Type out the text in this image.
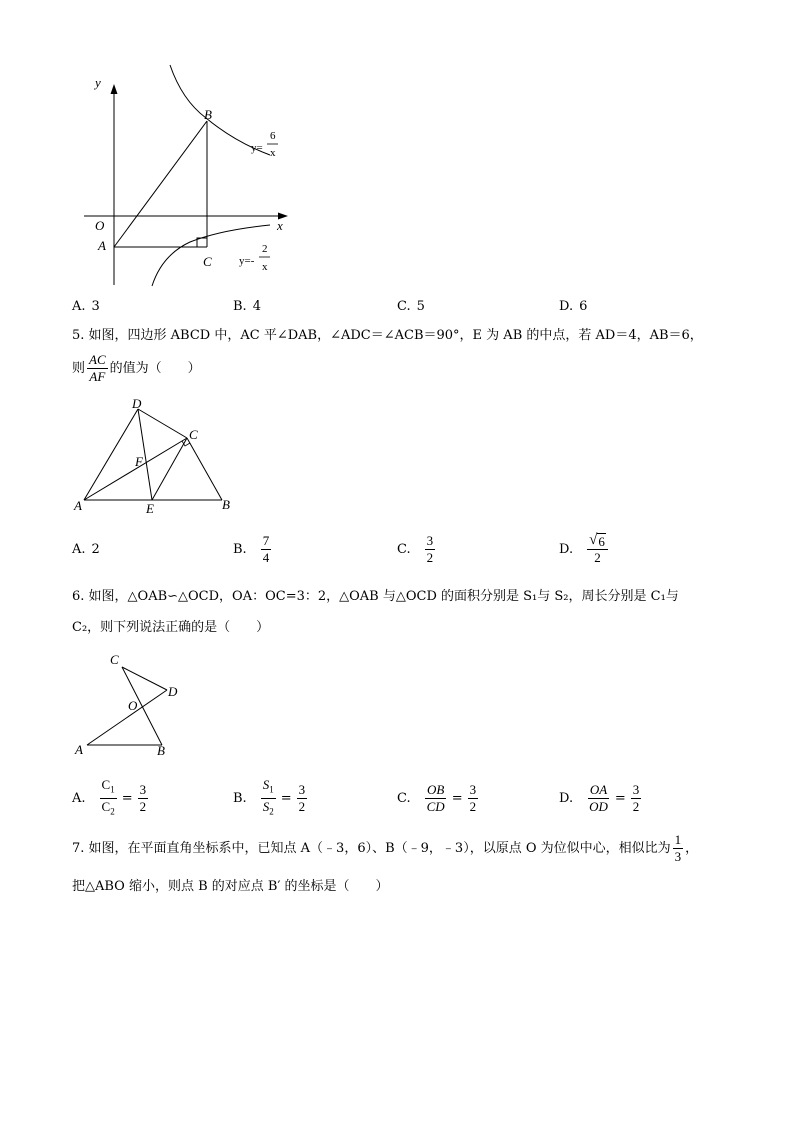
y
x
O
A
B
C
y=
6
x
y=-
2
x
A. 3	B. 4	C. 5	D. 6
5. 如图，四边形 ABCD 中，AC 平∠DAB，∠ADC＝∠ACB＝90°，E 为 AB 的中点，若 AD＝4，AB＝6，
则 $\frac{AC}{AF}$ 的值为（　　）
D
C
F
A	E	B
A. 2	B. $\frac{7}{4}$	C. $\frac{3}{2}$	D. $\frac{√ 6}{2}$
6. 如图，△OAB∽△OCD，OA：OC=3：2，△OAB 与△OCD 的面积分别是 S₁与 S₂，周长分别是 C₁与
C₂，则下列说法正确的是（　　）
C
D
O
A	B
A. $\frac{C_1}{C_2} = \frac{3}{2}$	B. $\frac{S_1}{S_2} = \frac{3}{2}$	C. $\frac{OB}{CD} = \frac{3}{2}$	D. $\frac{OA}{OD} = \frac{3}{2}$
7. 如图，在平面直角坐标系中，已知点 A（﹣3，6）、B（﹣9，﹣3），以原点 O 为位似中心，相似比为 $\frac{1}{3}$ ，
把△ABO 缩小，则点 B 的对应点 B′ 的坐标是（　　）
